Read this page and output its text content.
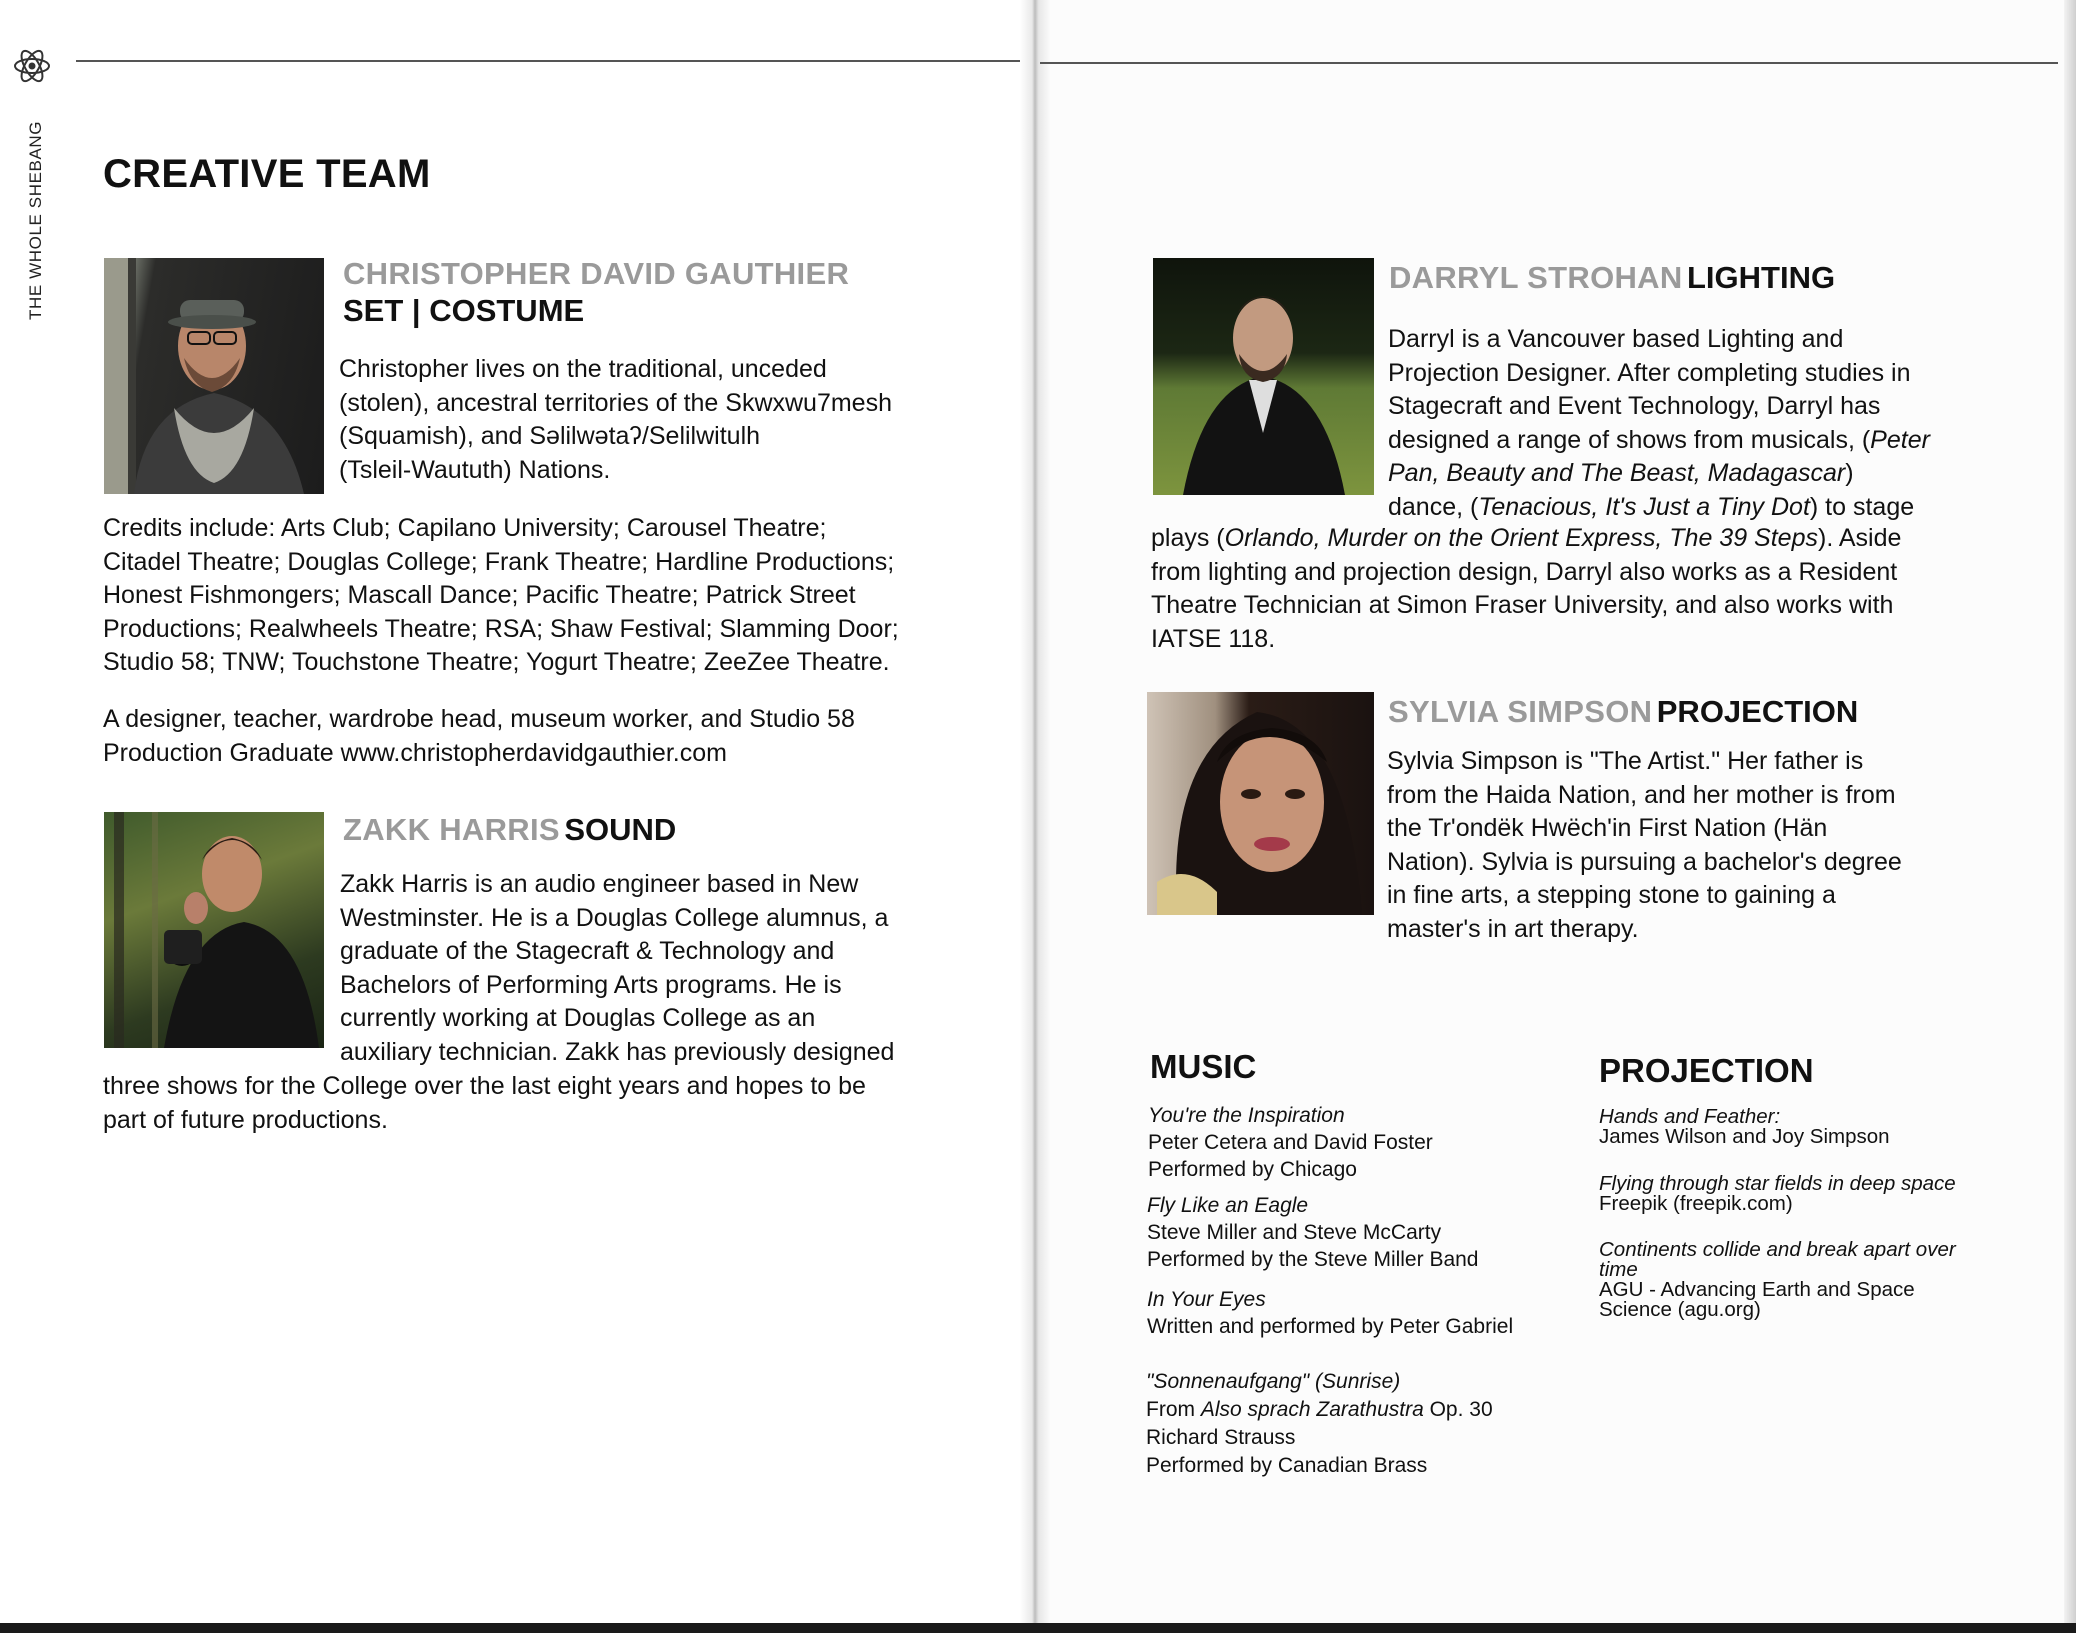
THE WHOLE SHEBANG CREATIVE TEAM
CHRISTOPHER DAVID GAUTHIER
SET | COSTUME
Christopher lives on the traditional, unceded
(stolen), ancestral territories of the Skwxwu7mesh
(Squamish), and Səlilwətaʔ/Selilwitulh
(Tsleil-Waututh) Nations.
Credits include: Arts Club; Capilano University; Carousel Theatre;
Citadel Theatre; Douglas College; Frank Theatre; Hardline Productions;
Honest Fishmongers; Mascall Dance; Pacific Theatre; Patrick Street
Productions; Realwheels Theatre; RSA; Shaw Festival; Slamming Door;
Studio 58; TNW; Touchstone Theatre; Yogurt Theatre; ZeeZee Theatre.
A designer, teacher, wardrobe head, museum worker, and Studio 58
Production Graduate www.christopherdavidgauthier.com
ZAKK HARRIS SOUND
Zakk Harris is an audio engineer based in New
Westminster. He is a Douglas College alumnus, a
graduate of the Stagecraft & Technology and
Bachelors of Performing Arts programs. He is
currently working at Douglas College as an
auxiliary technician. Zakk has previously designed
three shows for the College over the last eight years and hopes to be
part of future productions.
DARRYL STROHAN LIGHTING
Darryl is a Vancouver based Lighting and
Projection Designer. After completing studies in
Stagecraft and Event Technology, Darryl has
designed a range of shows from musicals, (Peter
Pan, Beauty and The Beast, Madagascar)
dance, (Tenacious, It's Just a Tiny Dot) to stage
plays (Orlando, Murder on the Orient Express, The 39 Steps). Aside
from lighting and projection design, Darryl also works as a Resident
Theatre Technician at Simon Fraser University, and also works with
IATSE 118.
SYLVIA SIMPSON PROJECTION
Sylvia Simpson is "The Artist." Her father is
from the Haida Nation, and her mother is from
the Tr'ondëk Hwëch'in First Nation (Hän
Nation). Sylvia is pursuing a bachelor's degree
in fine arts, a stepping stone to gaining a
master's in art therapy.
MUSIC
You're the Inspiration
Peter Cetera and David Foster
Performed by Chicago
Fly Like an Eagle
Steve Miller and Steve McCarty
Performed by the Steve Miller Band
In Your Eyes
Written and performed by Peter Gabriel
"Sonnenaufgang" (Sunrise)
From Also sprach Zarathustra Op. 30
Richard Strauss
Performed by Canadian Brass
PROJECTION
Hands and Feather:
James Wilson and Joy Simpson
Flying through star fields in deep space
Freepik (freepik.com)
Continents collide and break apart over time
AGU - Advancing Earth and Space
Science (agu.org)
